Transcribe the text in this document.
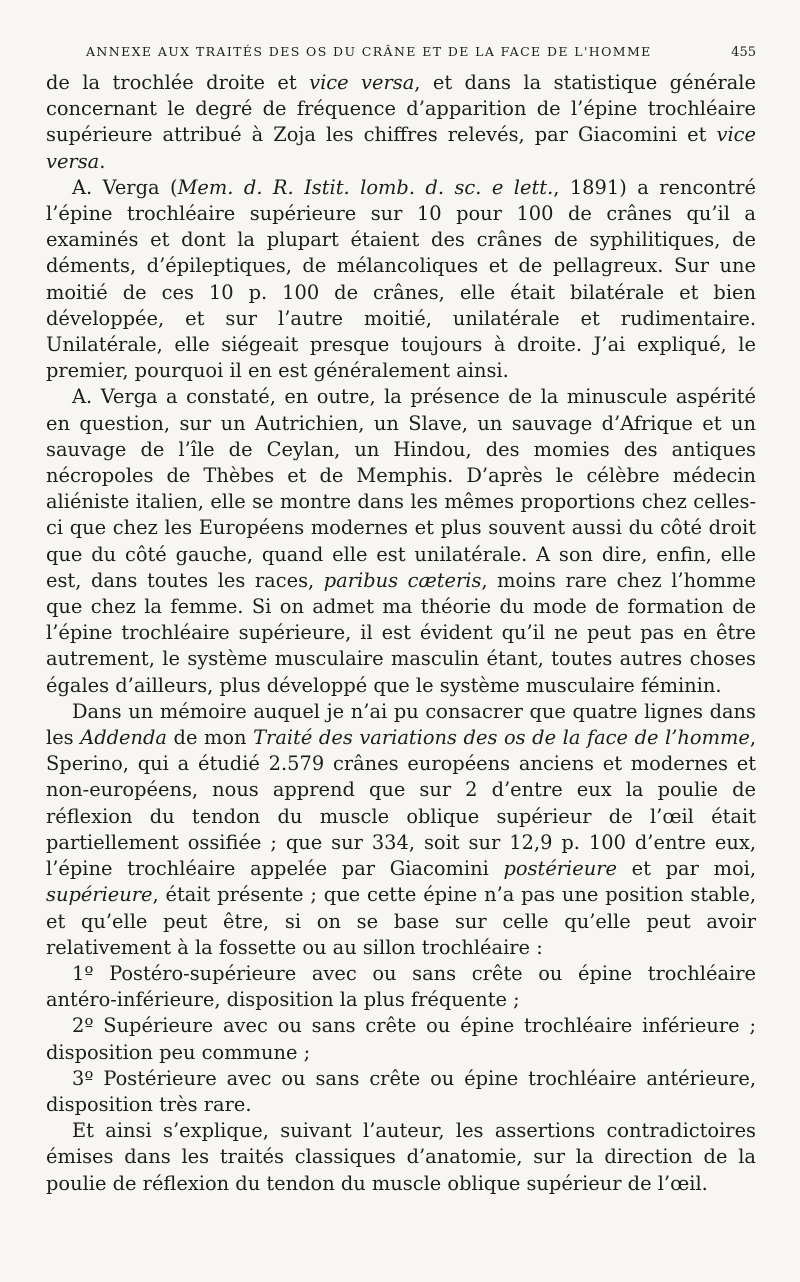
ANNEXE AUX TRAITÉS DES OS DU CRÂNE ET DE LA FACE DE L'HOMME	455

de la trochlée droite et vice versa, et dans la statistique générale concernant le degré de fréquence d’apparition de l’épine trochléaire supérieure attribué à Zoja les chiffres relevés, par Giacomini et vice versa.

A. Verga (Mem. d. R. Istit. lomb. d. sc. e lett., 1891) a rencontré l’épine trochléaire supérieure sur 10 pour 100 de crânes qu’il a examinés et dont la plupart étaient des crânes de syphilitiques, de déments, d’épileptiques, de mélancoliques et de pellagreux. Sur une moitié de ces 10 p. 100 de crânes, elle était bilatérale et bien développée, et sur l’autre moitié, unilatérale et rudimentaire. Unilatérale, elle siégeait presque toujours à droite. J’ai expliqué, le premier, pourquoi il en est généralement ainsi.

A. Verga a constaté, en outre, la présence de la minuscule aspérité en question, sur un Autrichien, un Slave, un sauvage d’Afrique et un sauvage de l’île de Ceylan, un Hindou, des momies des antiques nécropoles de Thèbes et de Memphis. D’après le célèbre médecin aliéniste italien, elle se montre dans les mêmes proportions chez celles-ci que chez les Européens modernes et plus souvent aussi du côté droit que du côté gauche, quand elle est unilatérale. A son dire, enfin, elle est, dans toutes les races, paribus cæteris, moins rare chez l’homme que chez la femme. Si on admet ma théorie du mode de formation de l’épine trochléaire supérieure, il est évident qu’il ne peut pas en être autrement, le système musculaire masculin étant, toutes autres choses égales d’ailleurs, plus développé que le système musculaire féminin.

Dans un mémoire auquel je n’ai pu consacrer que quatre lignes dans les Addenda de mon Traité des variations des os de la face de l’homme, Sperino, qui a étudié 2.579 crânes européens anciens et modernes et non-européens, nous apprend que sur 2 d’entre eux la poulie de réflexion du tendon du muscle oblique supérieur de l’œil était partiellement ossifiée ; que sur 334, soit sur 12,9 p. 100 d’entre eux, l’épine trochléaire appelée par Giacomini postérieure et par moi, supérieure, était présente ; que cette épine n’a pas une position stable, et qu’elle peut être, si on se base sur celle qu’elle peut avoir relativement à la fossette ou au sillon trochléaire :

1º Postéro-supérieure avec ou sans crête ou épine trochléaire antéro-inférieure, disposition la plus fréquente ;

2º Supérieure avec ou sans crête ou épine trochléaire inférieure ; disposition peu commune ;

3º Postérieure avec ou sans crête ou épine trochléaire antérieure, disposition très rare.

Et ainsi s’explique, suivant l’auteur, les assertions contradictoires émises dans les traités classiques d’anatomie, sur la direction de la poulie de réflexion du tendon du muscle oblique supérieur de l’œil.
